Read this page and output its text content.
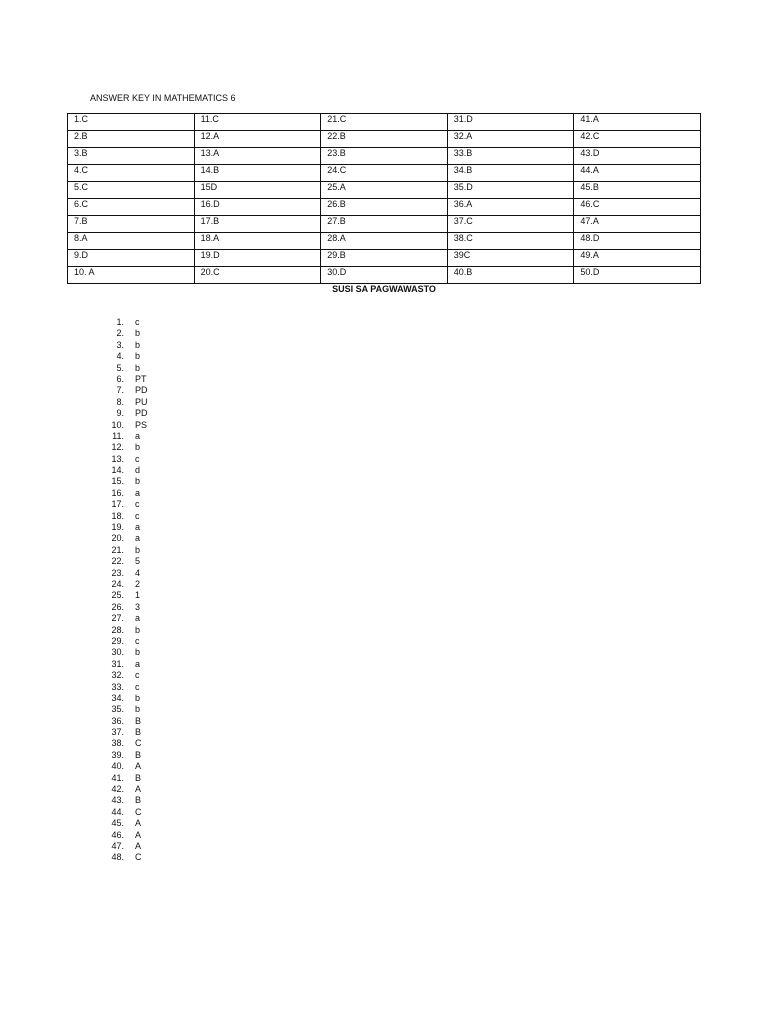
ANSWER KEY IN MATHEMATICS 6
1.C	11.C	21.C	31.D	41.A
2.B	12.A	22.B	32.A	42.C
3.B	13.A	23.B	33.B	43.D
4.C	14.B	24.C	34.B	44.A
5.C	15D	25.A	35.D	45.B
6.C	16.D	26.B	36.A	46.C
7.B	17.B	27.B	37.C	47.A
8.A	18.A	28.A	38.C	48.D
9.D	19.D	29.B	39C	49.A
10. A	20.C	30.D	40.B	50.D
SUSI SA PAGWAWASTO
1. c
2. b
3. b
4. b
5. b
6. PT
7. PD
8. PU
9. PD
10. PS
11. a
12. b
13. c
14. d
15. b
16. a
17. c
18. c
19. a
20. a
21. b
22. 5
23. 4
24. 2
25. 1
26. 3
27. a
28. b
29. c
30. b
31. a
32. c
33. c
34. b
35. b
36. B
37. B
38. C
39. B
40. A
41. B
42. A
43. B
44. C
45. A
46. A
47. A
48. C
